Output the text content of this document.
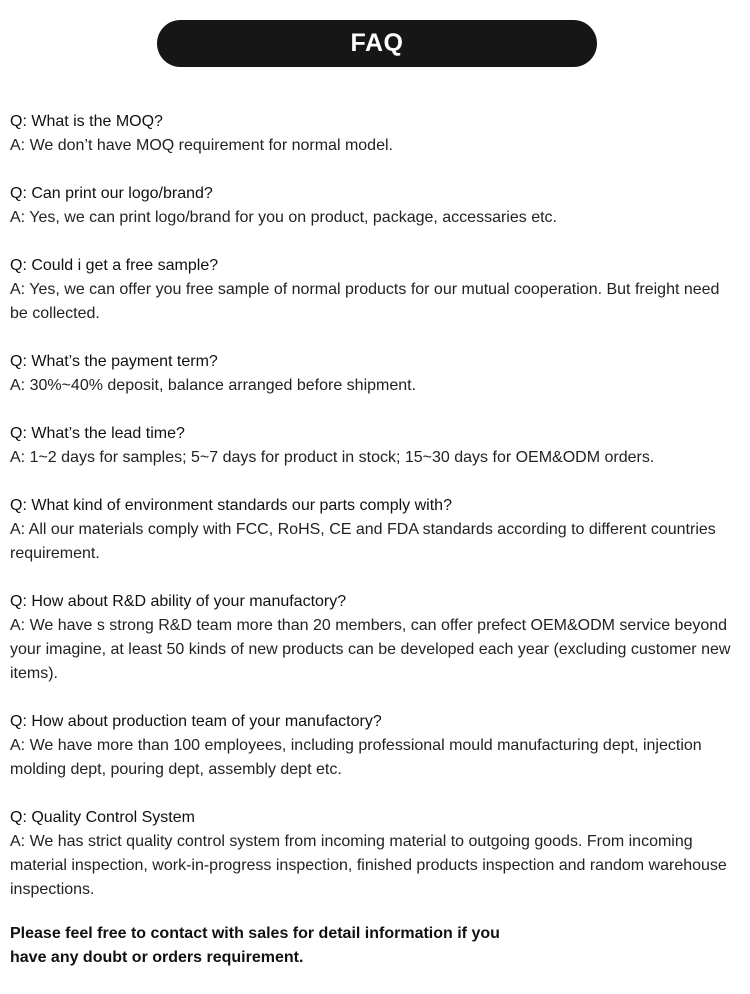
FAQ
Q: What is the MOQ?
A: We don’t have MOQ requirement for normal model.
Q: Can print our logo/brand?
A: Yes, we can print logo/brand for you on product, package, accessaries etc.
Q: Could i get a free sample?
A: Yes, we can offer you free sample of normal products for our mutual cooperation. But freight need
be collected.
Q: What’s the payment term?
A: 30%~40% deposit, balance arranged before shipment.
Q: What’s the lead time?
A: 1~2 days for samples; 5~7 days for product in stock; 15~30 days for OEM&ODM orders.
Q: What kind of environment standards our parts comply with?
A: All our materials comply with FCC, RoHS, CE and FDA standards according to different countries
requirement.
Q: How about R&D ability of your manufactory?
A: We have s strong R&D team more than 20 members, can offer prefect OEM&ODM service beyond
your imagine, at least 50 kinds of new products can be developed each year (excluding customer new
items).
Q: How about production team of your manufactory?
A: We have more than 100 employees, including professional mould manufacturing dept, injection
molding dept, pouring dept, assembly dept etc.
Q: Quality Control System
A: We has strict quality control system from incoming material to outgoing goods. From incoming
material inspection, work-in-progress inspection, finished products inspection and random warehouse
inspections.
Please feel free to contact with sales for detail information if you
have any doubt or orders requirement.
